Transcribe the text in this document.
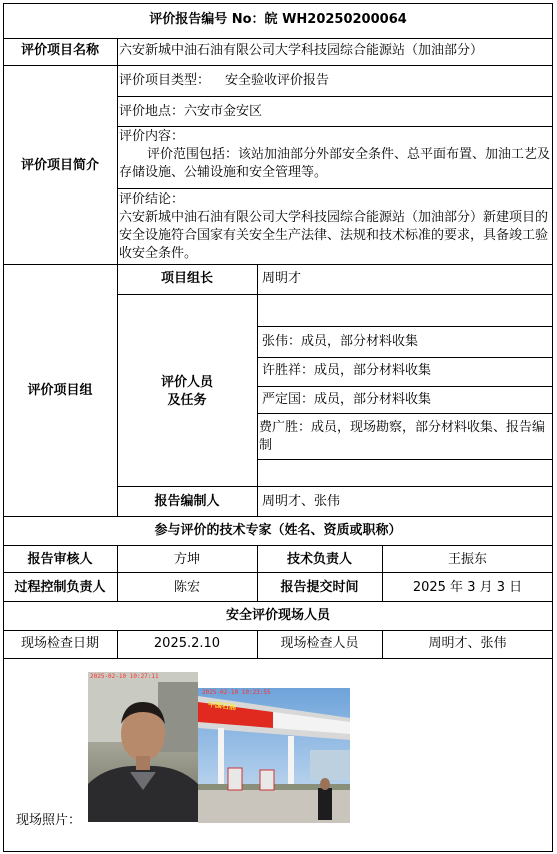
评价报告编号 No：皖 WH20250200064
评价项目名称	六安新城中油石油有限公司大学科技园综合能源站（加油部分）
评价项目简介
评价项目类型： 安全验收评价报告
评价地点：六安市金安区
评价内容：
评价范围包括：该站加油部分外部安全条件、总平面布置、加油工艺及存储设施、公辅设施和安全管理等。
评价结论：
六安新城中油石油有限公司大学科技园综合能源站（加油部分）新建项目的安全设施符合国家有关安全生产法律、法规和技术标准的要求，具备竣工验收安全条件。
评价项目组
项目组长	周明才
评价人员
及任务
张伟：成员，部分材料收集
许胜祥：成员，部分材料收集
严定国：成员，部分材料收集
费广胜：成员，现场勘察，部分材料收集、报告编制
报告编制人	周明才、张伟
参与评价的技术专家（姓名、资质或职称）
报告审核人	方坤	技术负责人	王振东
过程控制负责人	陈宏	报告提交时间	2025 年 3 月 3 日
安全评价现场人员
现场检查日期	2025.2.10	现场检查人员	周明才、张伟
现场照片：
2025-02-10 10:27:11
2025-02-10 10:23:55
中国石油
